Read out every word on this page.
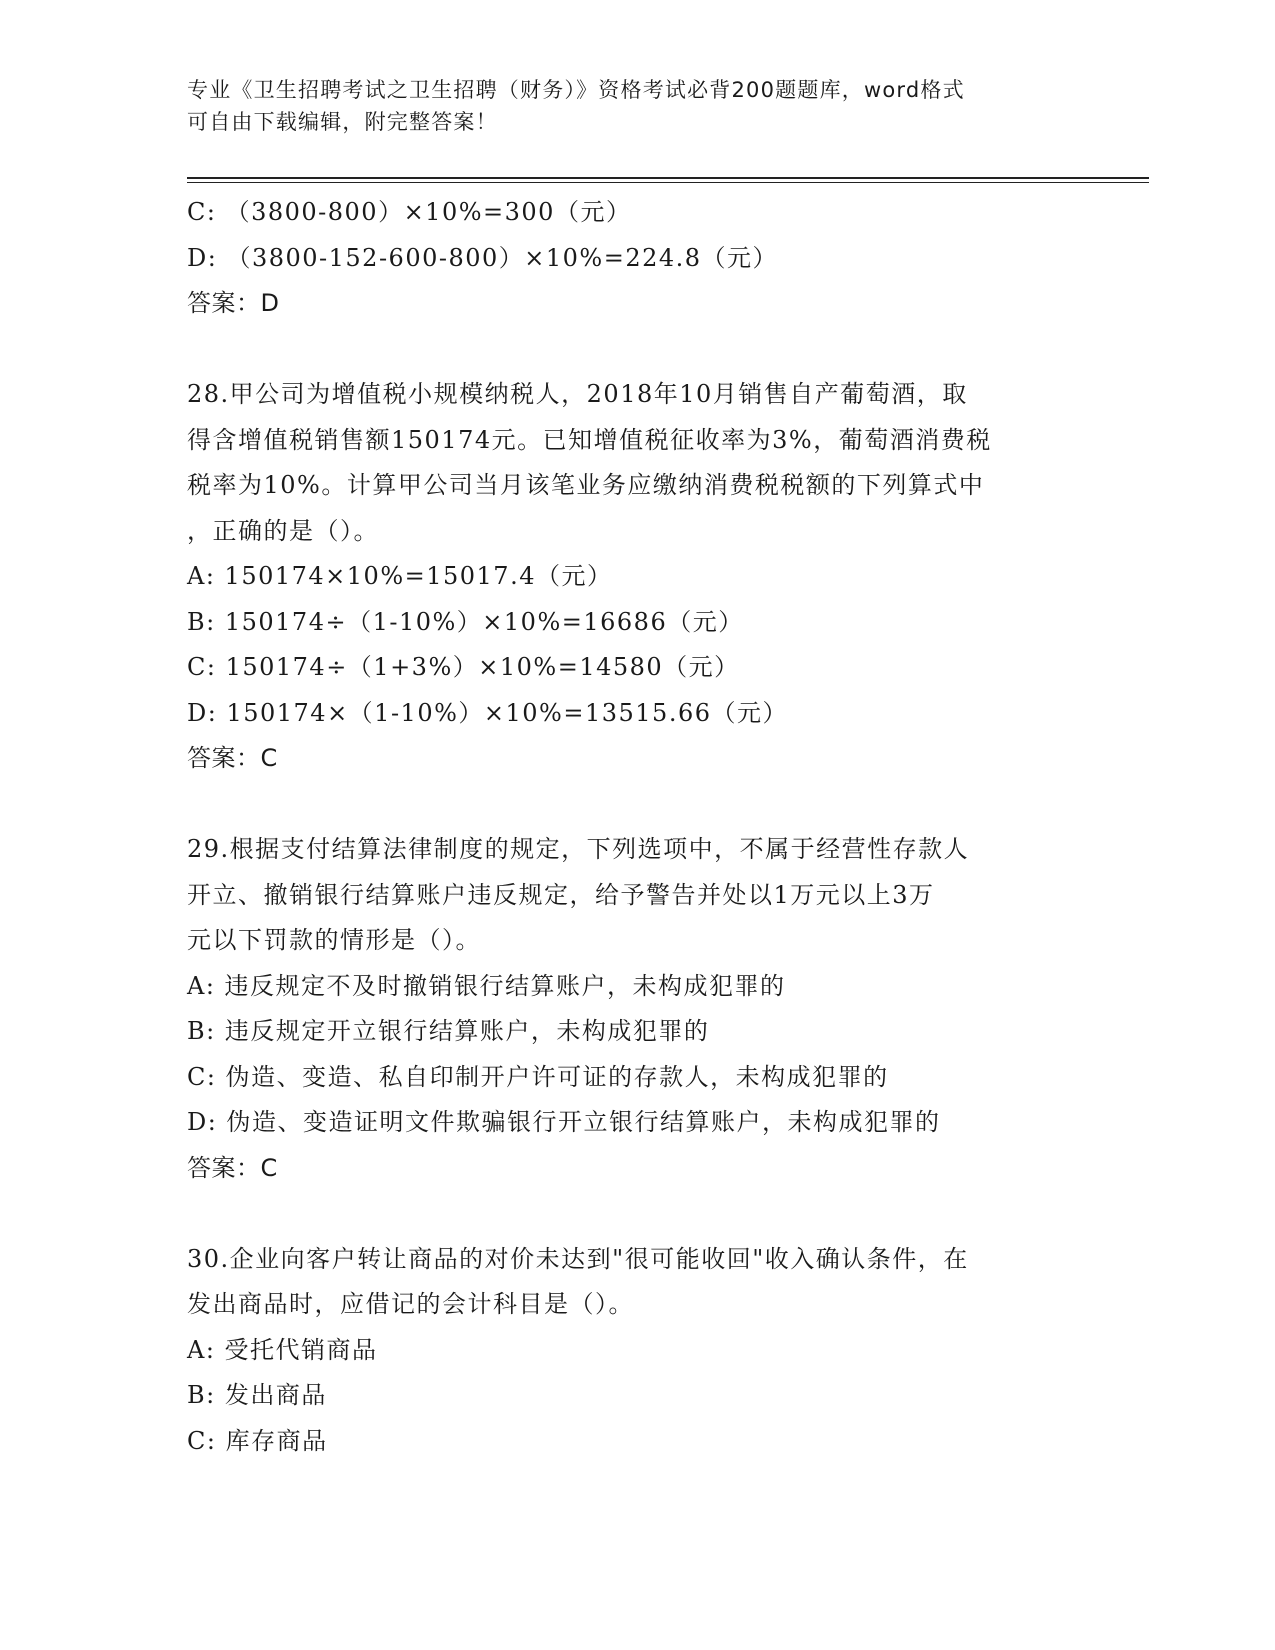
专业《卫生招聘考试之卫生招聘（财务）》资格考试必背200题题库，word格式
可自由下载编辑，附完整答案！
C: （3800-800）×10%=300（元）
D: （3800-152-600-800）×10%=224.8（元）
答案：D
28.甲公司为增值税小规模纳税人，2018年10月销售自产葡萄酒，取
得含增值税销售额150174元。已知增值税征收率为3%，葡萄酒消费税
税率为10%。计算甲公司当月该笔业务应缴纳消费税税额的下列算式中
，正确的是（）。
A: 150174×10%=15017.4（元）
B: 150174÷（1-10%）×10%=16686（元）
C: 150174÷（1+3%）×10%=14580（元）
D: 150174×（1-10%）×10%=13515.66（元）
答案：C
29.根据支付结算法律制度的规定，下列选项中，不属于经营性存款人
开立、撤销银行结算账户违反规定，给予警告并处以1万元以上3万
元以下罚款的情形是（）。
A: 违反规定不及时撤销银行结算账户，未构成犯罪的
B: 违反规定开立银行结算账户，未构成犯罪的
C: 伪造、变造、私自印制开户许可证的存款人，未构成犯罪的
D: 伪造、变造证明文件欺骗银行开立银行结算账户，未构成犯罪的
答案：C
30.企业向客户转让商品的对价未达到"很可能收回"收入确认条件，在
发出商品时，应借记的会计科目是（）。
A: 受托代销商品
B: 发出商品
C: 库存商品
